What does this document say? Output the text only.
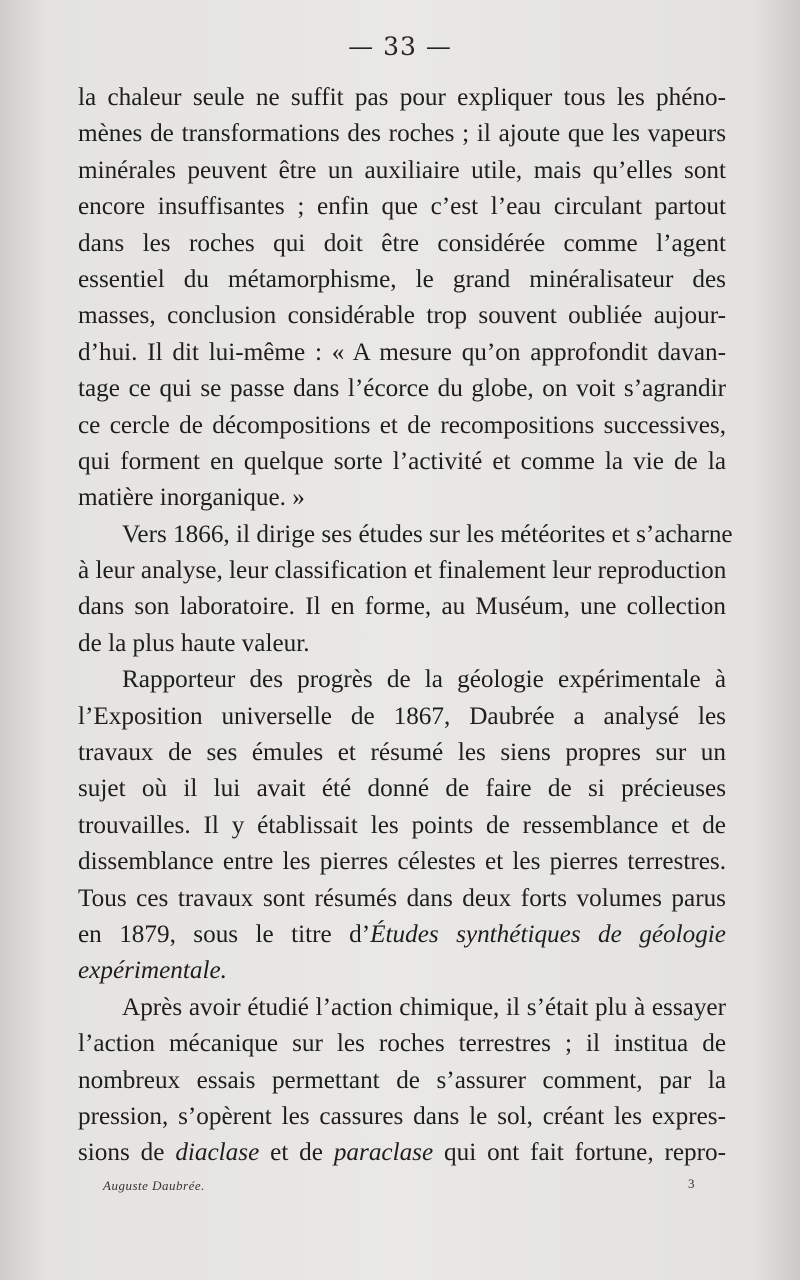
— 33 —
la chaleur seule ne suffit pas pour expliquer tous les phéno-
mènes de transformations des roches ; il ajoute que les vapeurs
minérales peuvent être un auxiliaire utile, mais qu’elles sont
encore insuffisantes ; enfin que c’est l’eau circulant partout
dans les roches qui doit être considérée comme l’agent
essentiel du métamorphisme, le grand minéralisateur des
masses, conclusion considérable trop souvent oubliée aujour-
d’hui. Il dit lui-même : « A mesure qu’on approfondit davan-
tage ce qui se passe dans l’écorce du globe, on voit s’agrandir
ce cercle de décompositions et de recompositions successives,
qui forment en quelque sorte l’activité et comme la vie de la
matière inorganique. »
Vers 1866, il dirige ses études sur les météorites et s’acharne
à leur analyse, leur classification et finalement leur reproduction
dans son laboratoire. Il en forme, au Muséum, une collection
de la plus haute valeur.
Rapporteur des progrès de la géologie expérimentale à
l’Exposition universelle de 1867, Daubrée a analysé les
travaux de ses émules et résumé les siens propres sur un
sujet où il lui avait été donné de faire de si précieuses
trouvailles. Il y établissait les points de ressemblance et de
dissemblance entre les pierres célestes et les pierres terrestres.
Tous ces travaux sont résumés dans deux forts volumes parus
en 1879, sous le titre d’Études synthétiques de géologie
expérimentale.
Après avoir étudié l’action chimique, il s’était plu à essayer
l’action mécanique sur les roches terrestres ; il institua de
nombreux essais permettant de s’assurer comment, par la
pression, s’opèrent les cassures dans le sol, créant les expres-
sions de diaclase et de paraclase qui ont fait fortune, repro-
Auguste Daubrée.	3
